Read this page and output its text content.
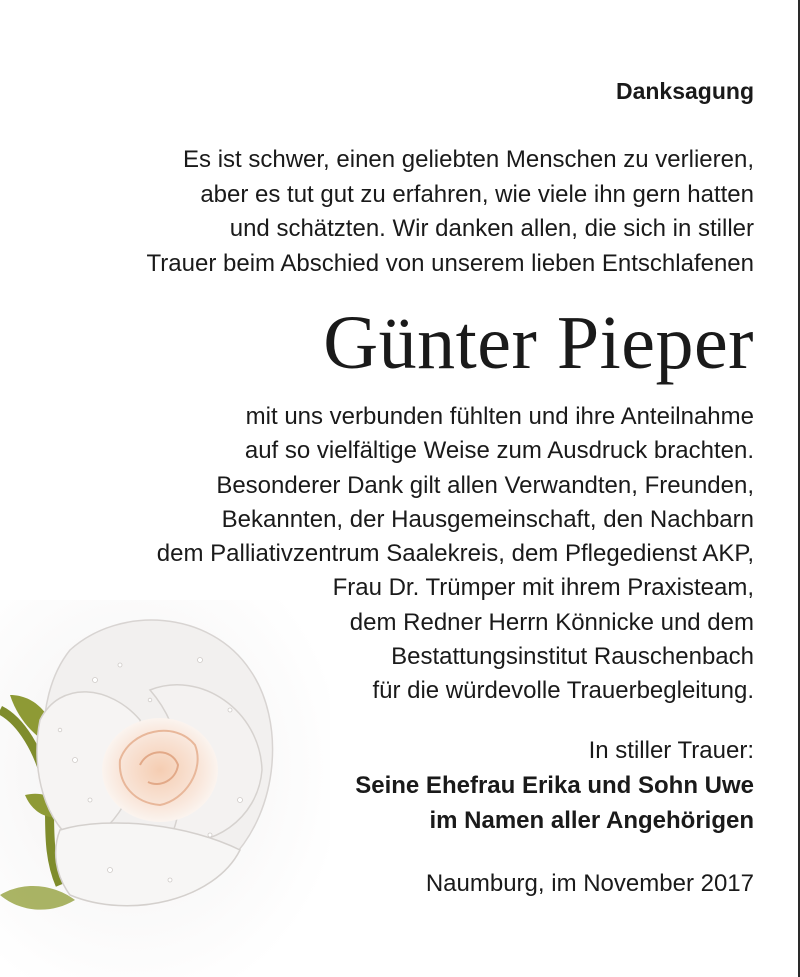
Danksagung
Es ist schwer, einen geliebten Menschen zu verlieren,
aber es tut gut zu erfahren, wie viele ihn gern hatten
und schätzten. Wir danken allen, die sich in stiller
Trauer beim Abschied von unserem lieben Entschlafenen
Günter Pieper
mit uns verbunden fühlten und ihre Anteilnahme
auf so vielfältige Weise zum Ausdruck brachten.
Besonderer Dank gilt allen Verwandten, Freunden,
Bekannten, der Hausgemeinschaft, den Nachbarn
dem Palliativzentrum Saalekreis, dem Pflegedienst AKP,
Frau Dr. Trümper mit ihrem Praxisteam,
dem Redner Herrn Könnicke und dem
Bestattungsinstitut Rauschenbach
für die würdevolle Trauerbegleitung.
In stiller Trauer:
Seine Ehefrau Erika und Sohn Uwe
im Namen aller Angehörigen
Naumburg, im November 2017
